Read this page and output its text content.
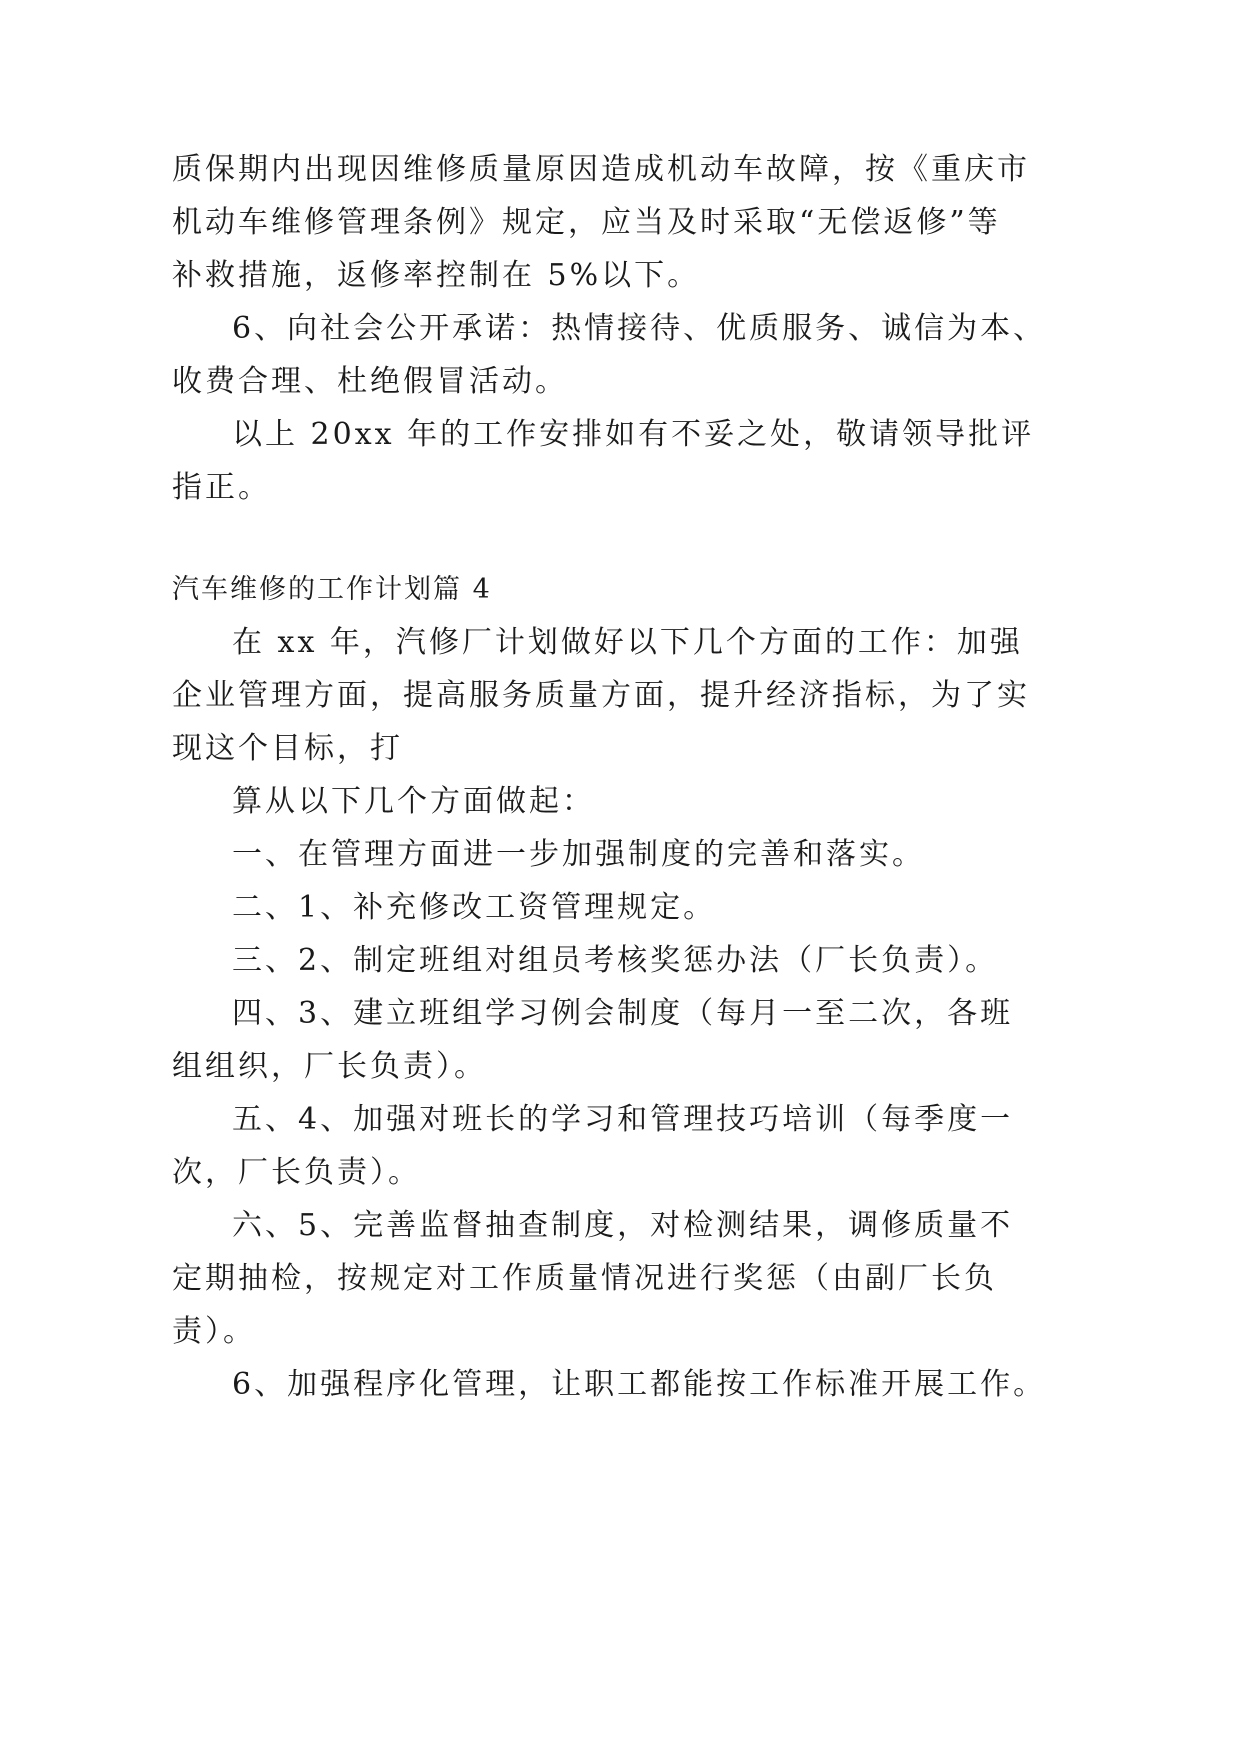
质保期内出现因维修质量原因造成机动车故障，按《重庆市
机动车维修管理条例》规定，应当及时采取“无偿返修”等
补救措施，返修率控制在 5%以下。
6、向社会公开承诺：热情接待、优质服务、诚信为本、
收费合理、杜绝假冒活动。
以上 20xx 年的工作安排如有不妥之处，敬请领导批评
指正。
汽车维修的工作计划篇 4
在 xx 年，汽修厂计划做好以下几个方面的工作：加强
企业管理方面，提高服务质量方面，提升经济指标，为了实
现这个目标，打
算从以下几个方面做起：
一、在管理方面进一步加强制度的完善和落实。
二、1、补充修改工资管理规定。
三、2、制定班组对组员考核奖惩办法（厂长负责）。
四、3、建立班组学习例会制度（每月一至二次，各班
组组织，厂长负责）。
五、4、加强对班长的学习和管理技巧培训（每季度一
次，厂长负责）。
六、5、完善监督抽查制度，对检测结果，调修质量不
定期抽检，按规定对工作质量情况进行奖惩（由副厂长负
责）。
6、加强程序化管理，让职工都能按工作标准开展工作。
